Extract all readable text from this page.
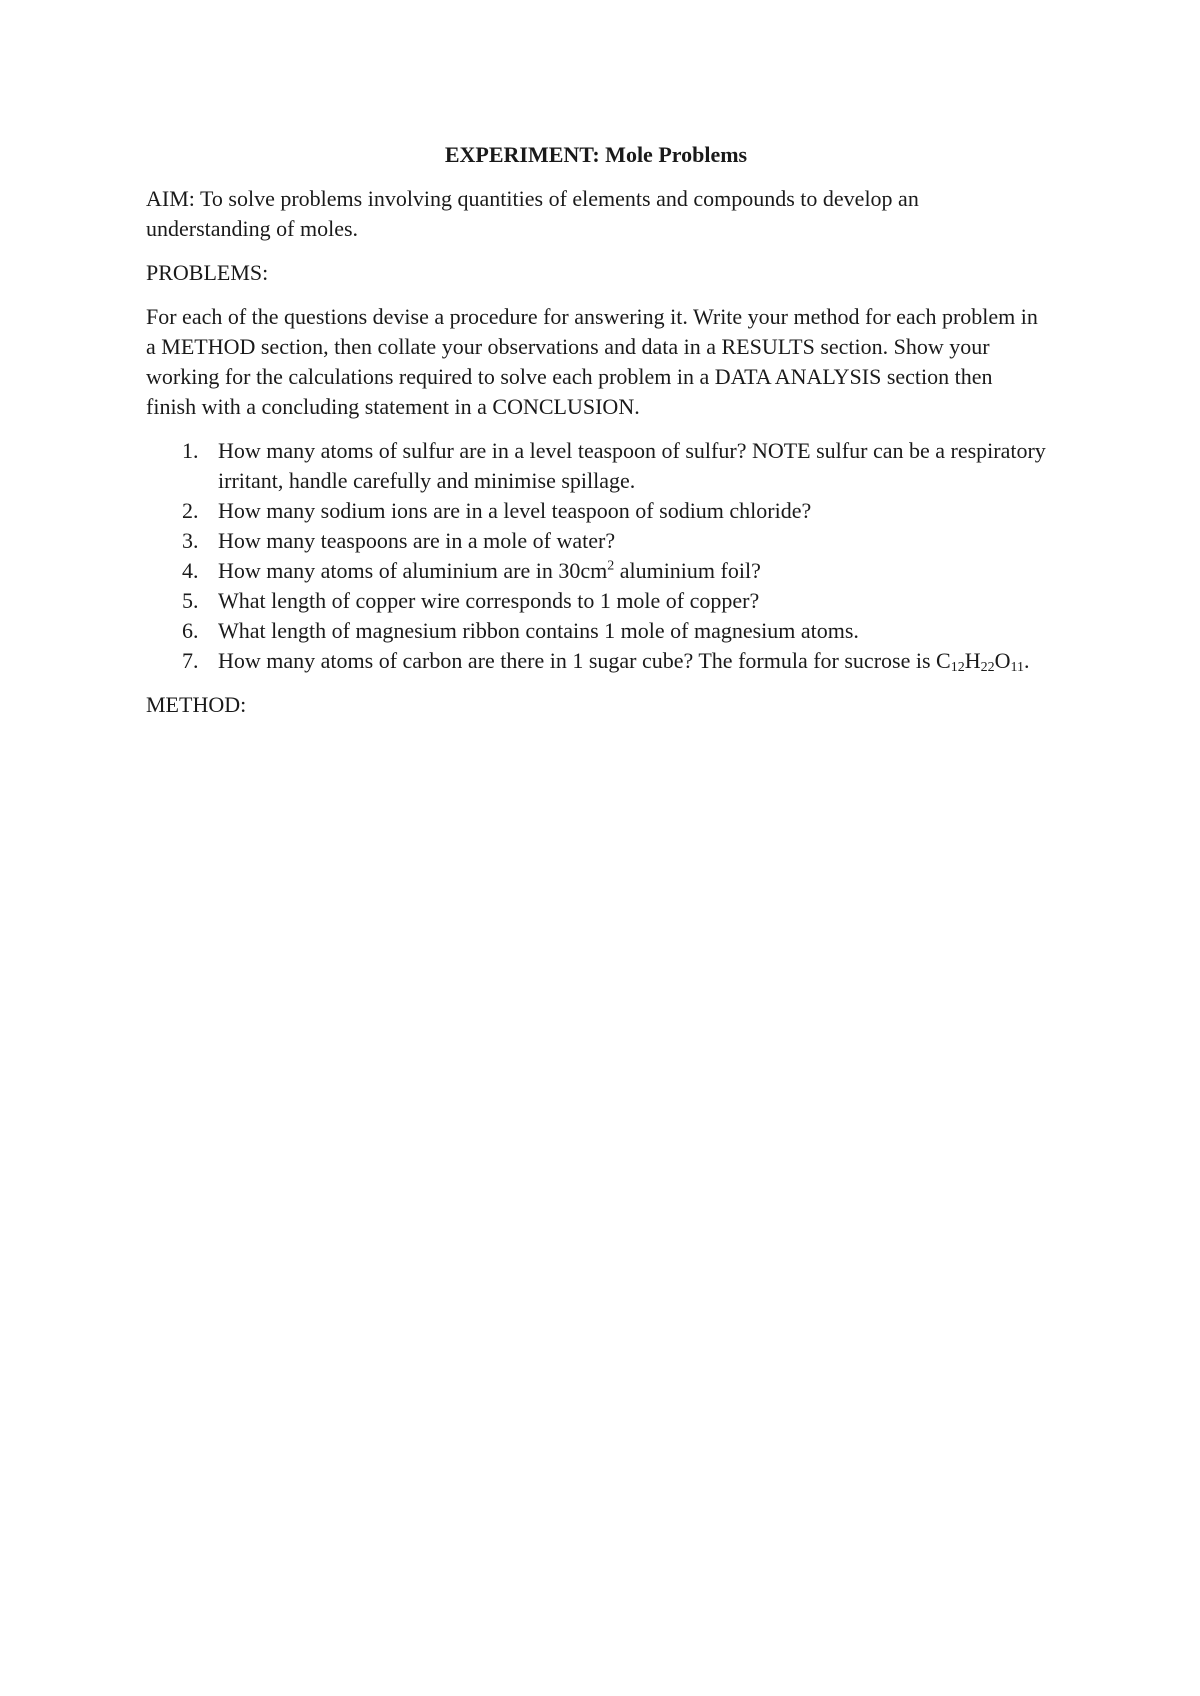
EXPERIMENT: Mole Problems

AIM: To solve problems involving quantities of elements and compounds to develop an understanding of moles.

PROBLEMS:

For each of the questions devise a procedure for answering it. Write your method for each problem in a METHOD section, then collate your observations and data in a RESULTS section. Show your working for the calculations required to solve each problem in a DATA ANALYSIS section then finish with a concluding statement in a CONCLUSION.

1. How many atoms of sulfur are in a level teaspoon of sulfur? NOTE sulfur can be a respiratory irritant, handle carefully and minimise spillage.
2. How many sodium ions are in a level teaspoon of sodium chloride?
3. How many teaspoons are in a mole of water?
4. How many atoms of aluminium are in $30cm^2$ aluminium foil?
5. What length of copper wire corresponds to 1 mole of copper?
6. What length of magnesium ribbon contains 1 mole of magnesium atoms.
7. How many atoms of carbon are there in 1 sugar cube? The formula for sucrose is $C_{12}H_{22}O_{11}$.

METHOD:
